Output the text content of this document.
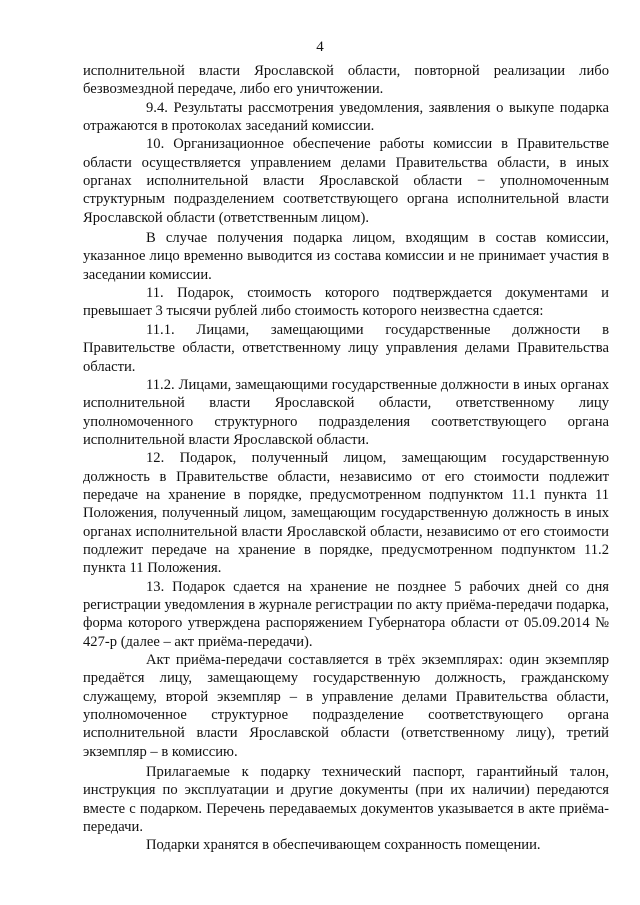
4

исполнительной власти Ярославской области, повторной реализации либо безвозмездной передаче, либо его уничтожении.

9.4. Результаты рассмотрения уведомления, заявления о выкупе подарка отражаются в протоколах заседаний комиссии.

10. Организационное обеспечение работы комиссии в Правительстве области осуществляется управлением делами Правительства области, в иных органах исполнительной власти Ярославской области − уполномоченным структурным подразделением соответствующего органа исполнительной власти Ярославской области (ответственным лицом).

В случае получения подарка лицом, входящим в состав комиссии, указанное лицо временно выводится из состава комиссии и не принимает участия в заседании комиссии.

11. Подарок, стоимость которого подтверждается документами и превышает 3 тысячи рублей либо стоимость которого неизвестна сдается:

11.1. Лицами, замещающими государственные должности в Правительстве области, ответственному лицу управления делами Правительства области.

11.2. Лицами, замещающими государственные должности в иных органах исполнительной власти Ярославской области, ответственному лицу уполномоченного структурного подразделения соответствующего органа исполнительной власти Ярославской области.

12. Подарок, полученный лицом, замещающим государственную должность в Правительстве области, независимо от его стоимости подлежит передаче на хранение в порядке, предусмотренном подпунктом 11.1 пункта 11 Положения, полученный лицом, замещающим государственную должность в иных органах исполнительной власти Ярославской области, независимо от его стоимости подлежит передаче на хранение в порядке, предусмотренном подпунктом 11.2 пункта 11 Положения.

13. Подарок сдается на хранение не позднее 5 рабочих дней со дня регистрации уведомления в журнале регистрации по акту приёма-передачи подарка, форма которого утверждена распоряжением Губернатора области от 05.09.2014 № 427-р (далее – акт приёма-передачи).

Акт приёма-передачи составляется в трёх экземплярах: один экземпляр предаётся лицу, замещающему государственную должность, гражданскому служащему, второй экземпляр – в управление делами Правительства области, уполномоченное структурное подразделение соответствующего органа исполнительной власти Ярославской области (ответственному лицу), третий экземпляр – в комиссию.

Прилагаемые к подарку технический паспорт, гарантийный талон, инструкция по эксплуатации и другие документы (при их наличии) передаются вместе с подарком. Перечень передаваемых документов указывается в акте приёма-передачи.

Подарки хранятся в обеспечивающем сохранность помещении.
